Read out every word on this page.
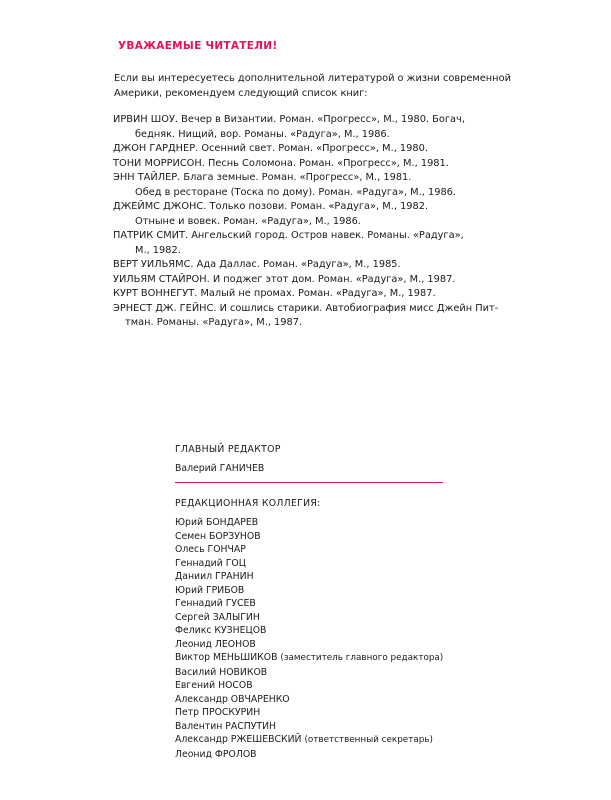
УВАЖАЕМЫЕ ЧИТАТЕЛИ!

Если вы интересуетесь дополнительной литературой о жизни современной Америки, рекомендуем следующий список книг:

ИРВИН ШОУ. Вечер в Византии. Роман. «Прогресс», М., 1980. Богач,
бедняк. Нищий, вор. Романы. «Радуга», М., 1986.
ДЖОН ГАРДНЕР. Осенний свет. Роман. «Прогресс», М., 1980.
ТОНИ МОРРИСОН. Песнь Соломона. Роман. «Прогресс», М., 1981.
ЭНН ТАЙЛЕР. Блага земные. Роман. «Прогресс», М., 1981.
Обед в ресторане (Тоска по дому). Роман. «Радуга», М., 1986.
ДЖЕЙМС ДЖОНС. Только позови. Роман. «Радуга», М., 1982.
Отныне и вовек. Роман. «Радуга», М., 1986.
ПАТРИК СМИТ. Ангельский город. Остров навек. Романы. «Радуга»,
М., 1982.
ВЕРТ УИЛЬЯМС. Ада Даллас. Роман. «Радуга», М., 1985.
УИЛЬЯМ СТАЙРОН. И поджег этот дом. Роман. «Радуга», М., 1987.
КУРТ ВОННЕГУТ. Малый не промах. Роман. «Радуга», М., 1987.
ЭРНЕСТ ДЖ. ГЕЙНС. И сошлись старики. Автобиография мисс Джейн Пит-
тман. Романы. «Радуга», М., 1987.
ГЛАВНЫЙ РЕДАКТОР
Валерий ГАНИЧЕВ
РЕДАКЦИОННАЯ КОЛЛЕГИЯ:
Юрий БОНДАРЕВ
Семен БОРЗУНОВ
Олесь ГОНЧАР
Геннадий ГОЦ
Даниил ГРАНИН
Юрий ГРИБОВ
Геннадий ГУСЕВ
Сергей ЗАЛЫГИН
Феликс КУЗНЕЦОВ
Леонид ЛЕОНОВ
Виктор МЕНЬШИКОВ (заместитель главного редактора)
Василий НОВИКОВ
Евгений НОСОВ
Александр ОВЧАРЕНКО
Петр ПРОСКУРИН
Валентин РАСПУТИН
Александр РЖЕШЕВСКИЙ (ответственный секретарь)
Леонид ФРОЛОВ
